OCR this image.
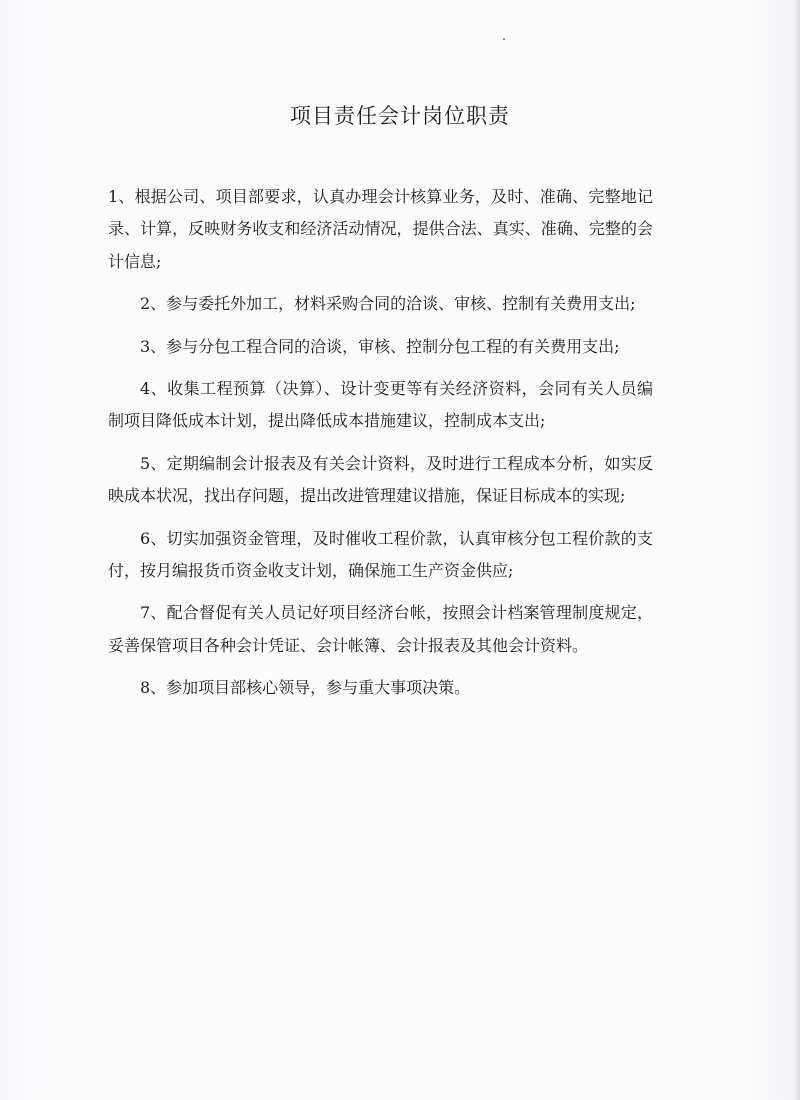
项目责任会计岗位职责

1、根据公司、项目部要求，认真办理会计核算业务，及时、准确、完整地记录、计算，反映财务收支和经济活动情况，提供合法、真实、准确、完整的会计信息;

2、参与委托外加工，材料采购合同的洽谈、审核、控制有关费用支出;

3、参与分包工程合同的洽谈，审核、控制分包工程的有关费用支出;

4、收集工程预算（决算）、设计变更等有关经济资料，会同有关人员编制项目降低成本计划，提出降低成本措施建议，控制成本支出;

5、定期编制会计报表及有关会计资料，及时进行工程成本分析，如实反映成本状况，找出存问题，提出改进管理建议措施，保证目标成本的实现;

6、切实加强资金管理，及时催收工程价款，认真审核分包工程价款的支付，按月编报货币资金收支计划，确保施工生产资金供应;

7、配合督促有关人员记好项目经济台帐，按照会计档案管理制度规定，妥善保管项目各种会计凭证、会计帐簿、会计报表及其他会计资料。

8、参加项目部核心领导，参与重大事项决策。
